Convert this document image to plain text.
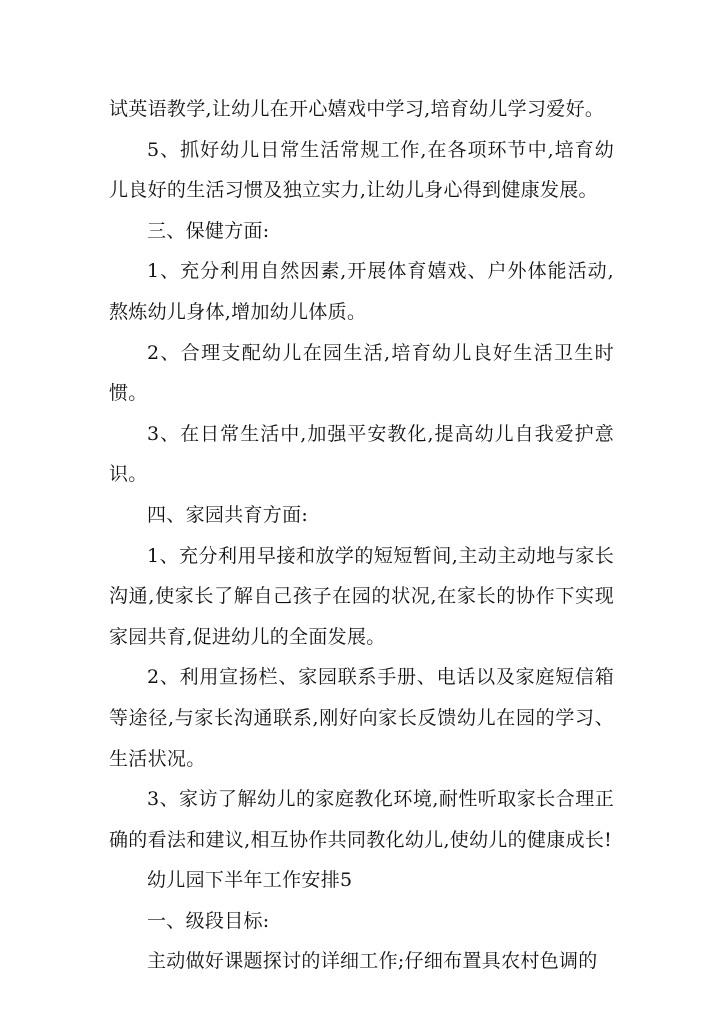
试英语教学,让幼儿在开心嬉戏中学习,培育幼儿学习爱好。

5、抓好幼儿日常生活常规工作,在各项环节中,培育幼儿良好的生活习惯及独立实力,让幼儿身心得到健康发展。

三、保健方面:

1、充分利用自然因素,开展体育嬉戏、户外体能活动,熬炼幼儿身体,增加幼儿体质。

2、合理支配幼儿在园生活,培育幼儿良好生活卫生时惯。

3、在日常生活中,加强平安教化,提高幼儿自我爱护意识。

四、家园共育方面:

1、充分利用早接和放学的短短暂间,主动主动地与家长沟通,使家长了解自己孩子在园的状况,在家长的协作下实现家园共育,促进幼儿的全面发展。

2、利用宣扬栏、家园联系手册、电话以及家庭短信箱等途径,与家长沟通联系,刚好向家长反馈幼儿在园的学习、生活状况。

3、家访了解幼儿的家庭教化环境,耐性听取家长合理正确的看法和建议,相互协作共同教化幼儿,使幼儿的健康成长!

幼儿园下半年工作安排5

一、级段目标:

主动做好课题探讨的详细工作;仔细布置具农村色调的
